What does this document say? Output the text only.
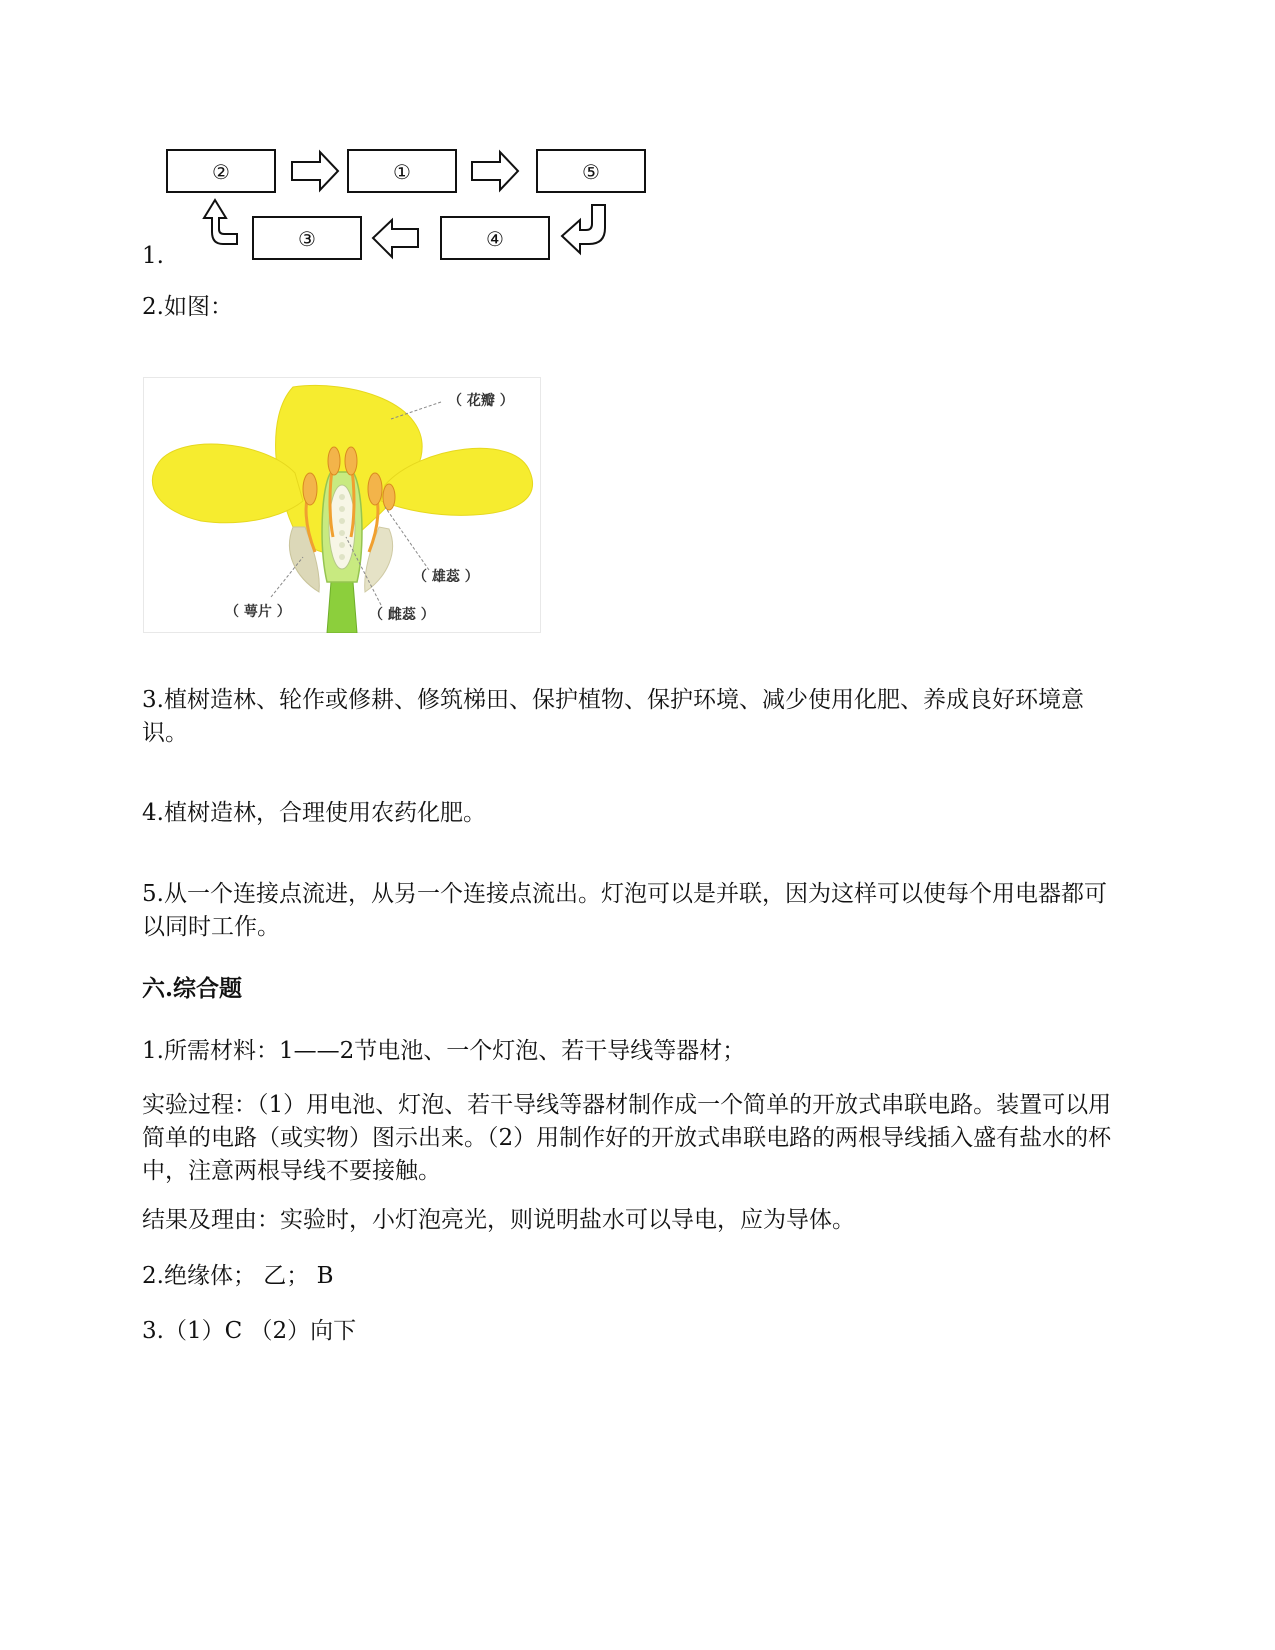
②	①	⑤
④
③
1.
2.如图：
（ 花瓣 ）
（ 雄蕊 ）
（ 萼片 ）	（ 雌蕊 ）
3.植树造林、轮作或修耕、修筑梯田、保护植物、保护环境、减少使用化肥、养成良好环境意识。
4.植树造林，合理使用农药化肥。
5.从一个连接点流进，从另一个连接点流出。灯泡可以是并联，因为这样可以使每个用电器都可以同时工作。
六.综合题
1.所需材料：1——2节电池、一个灯泡、若干导线等器材；
实验过程：（1）用电池、灯泡、若干导线等器材制作成一个简单的开放式串联电路。装置可以用简单的电路（或实物）图示出来。（2）用制作好的开放式串联电路的两根导线插入盛有盐水的杯中，注意两根导线不要接触。
结果及理由：实验时，小灯泡亮光，则说明盐水可以导电，应为导体。
2.绝缘体； 乙； B
3.（1）C （2）向下
